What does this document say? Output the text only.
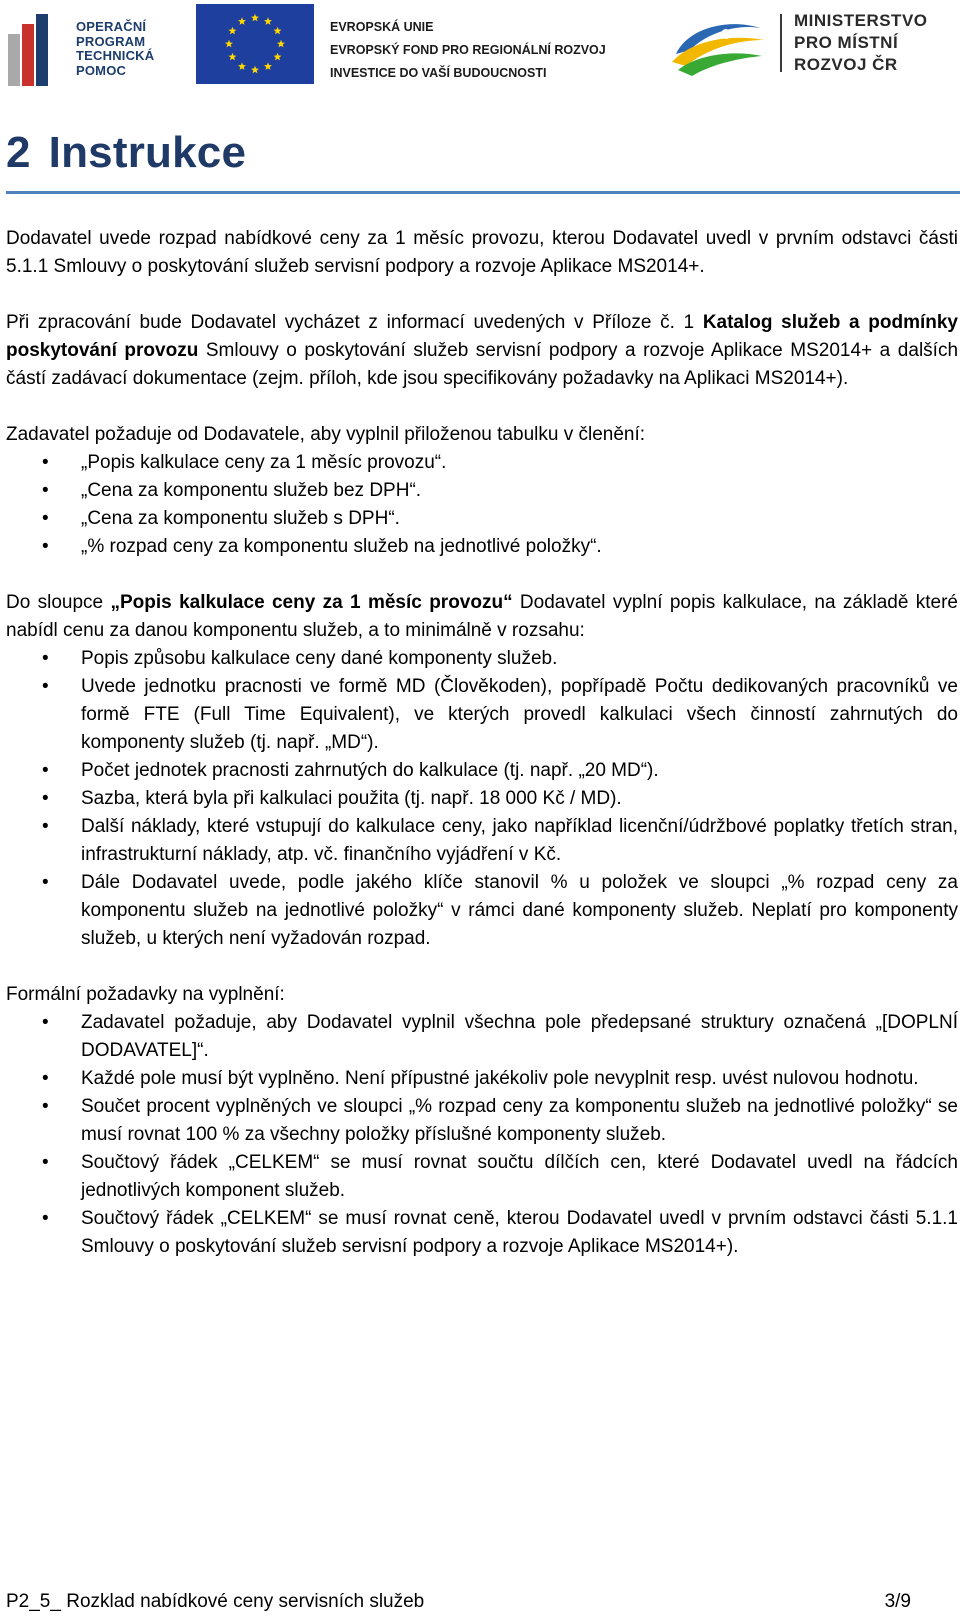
OPERAČNÍ
PROGRAM
TECHNICKÁ
POMOC
EVROPSKÁ UNIE
EVROPSKÝ FOND PRO REGIONÁLNÍ ROZVOJ
INVESTICE DO VAŠÍ BUDOUCNOSTI
MINISTERSTVO
PRO MÍSTNÍ
ROZVOJ ČR
2 Instrukce

Dodavatel uvede rozpad nabídkové ceny za 1 měsíc provozu, kterou Dodavatel uvedl v prvním odstavci části 5.1.1 Smlouvy o poskytování služeb servisní podpory a rozvoje Aplikace MS2014+.

Při zpracování bude Dodavatel vycházet z informací uvedených v Příloze č. 1 Katalog služeb a podmínky poskytování provozu Smlouvy o poskytování služeb servisní podpory a rozvoje Aplikace MS2014+ a dalších částí zadávací dokumentace (zejm. příloh, kde jsou specifikovány požadavky na Aplikaci MS2014+).

Zadavatel požaduje od Dodavatele, aby vyplnil přiloženou tabulku v členění:

• „Popis kalkulace ceny za 1 měsíc provozu“.
• „Cena za komponentu služeb bez DPH“.
• „Cena za komponentu služeb s DPH“.
• „% rozpad ceny za komponentu služeb na jednotlivé položky“.

Do sloupce „Popis kalkulace ceny za 1 měsíc provozu“ Dodavatel vyplní popis kalkulace, na základě které nabídl cenu za danou komponentu služeb, a to minimálně v rozsahu:

• Popis způsobu kalkulace ceny dané komponenty služeb.
• Uvede jednotku pracnosti ve formě MD (Člověkoden), popřípadě Počtu dedikovaných pracovníků ve formě FTE (Full Time Equivalent), ve kterých provedl kalkulaci všech činností zahrnutých do komponenty služeb (tj. např. „MD“).
• Počet jednotek pracnosti zahrnutých do kalkulace (tj. např. „20 MD“).
• Sazba, která byla při kalkulaci použita (tj. např. 18 000 Kč / MD).
• Další náklady, které vstupují do kalkulace ceny, jako například licenční/údržbové poplatky třetích stran, infrastrukturní náklady, atp. vč. finančního vyjádření v Kč.
• Dále Dodavatel uvede, podle jakého klíče stanovil % u položek ve sloupci „% rozpad ceny za komponentu služeb na jednotlivé položky“ v rámci dané komponenty služeb. Neplatí pro komponenty služeb, u kterých není vyžadován rozpad.

Formální požadavky na vyplnění:

• Zadavatel požaduje, aby Dodavatel vyplnil všechna pole předepsané struktury označená „[DOPLNÍ DODAVATEL]“.
• Každé pole musí být vyplněno. Není přípustné jakékoliv pole nevyplnit resp. uvést nulovou hodnotu.
• Součet procent vyplněných ve sloupci „% rozpad ceny za komponentu služeb na jednotlivé položky“ se musí rovnat 100 % za všechny položky příslušné komponenty služeb.
• Součtový řádek „CELKEM“ se musí rovnat součtu dílčích cen, které Dodavatel uvedl na řádcích jednotlivých komponent služeb.
• Součtový řádek „CELKEM“ se musí rovnat ceně, kterou Dodavatel uvedl v prvním odstavci části 5.1.1 Smlouvy o poskytování služeb servisní podpory a rozvoje Aplikace MS2014+).
P2_5_ Rozklad nabídkové ceny servisních služeb	3/9
